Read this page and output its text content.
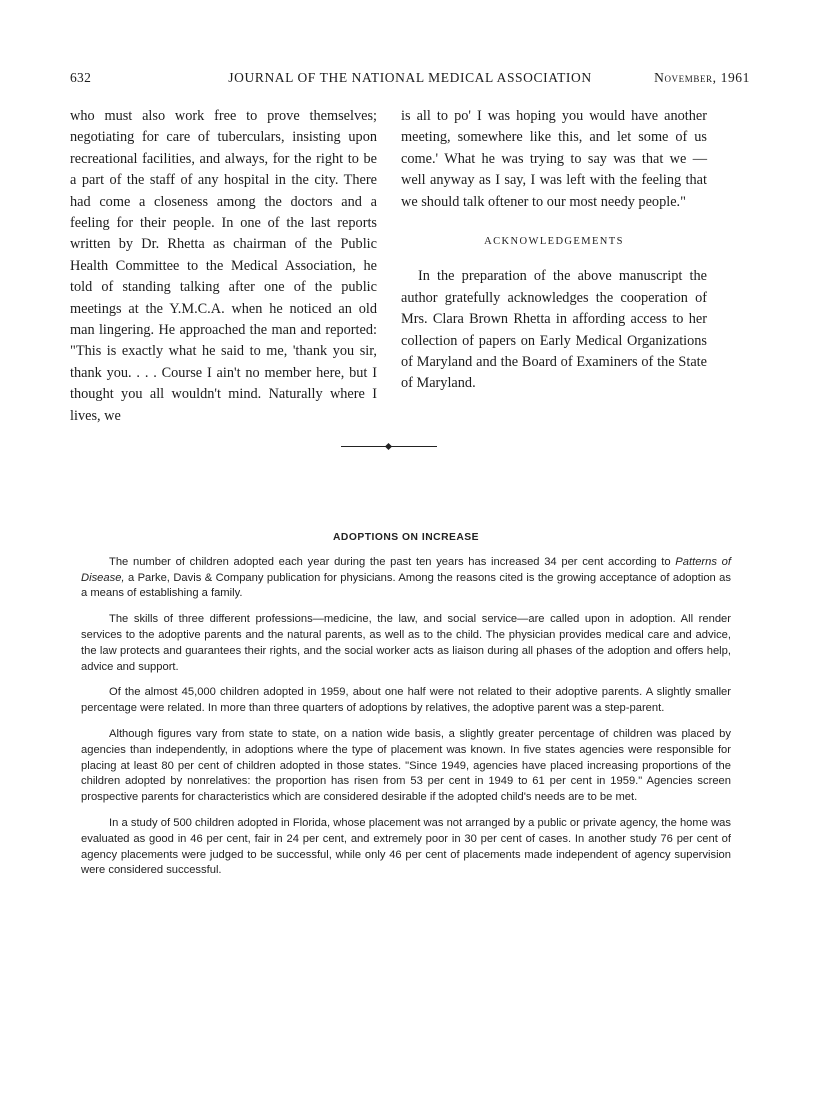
632	JOURNAL OF THE NATIONAL MEDICAL ASSOCIATION	November, 1961

who must also work free to prove themselves; negotiating for care of tuberculars, insisting upon recreational facilities, and always, for the right to be a part of the staff of any hospital in the city. There had come a closeness among the doctors and a feeling for their people. In one of the last reports written by Dr. Rhetta as chairman of the Public Health Committee to the Medical Association, he told of standing talking after one of the public meetings at the Y.M.C.A. when he noticed an old man lingering. He approached the man and reported: "This is exactly what he said to me, 'thank you sir, thank you. . . . Course I ain't no member here, but I thought you all wouldn't mind. Naturally where I lives, we

is all to po' I was hoping you would have another meeting, somewhere like this, and let some of us come.' What he was trying to say was that we — well anyway as I say, I was left with the feeling that we should talk oftener to our most needy people."

ACKNOWLEDGEMENTS

In the preparation of the above manuscript the author gratefully acknowledges the cooperation of Mrs. Clara Brown Rhetta in affording access to her collection of papers on Early Medical Organizations of Maryland and the Board of Examiners of the State of Maryland.

ADOPTIONS ON INCREASE

The number of children adopted each year during the past ten years has increased 34 per cent according to Patterns of Disease, a Parke, Davis & Company publication for physicians. Among the reasons cited is the growing acceptance of adoption as a means of establishing a family.

The skills of three different professions—medicine, the law, and social service—are called upon in adoption. All render services to the adoptive parents and the natural parents, as well as to the child. The physician provides medical care and advice, the law protects and guarantees their rights, and the social worker acts as liaison during all phases of the adoption and offers help, advice and support.

Of the almost 45,000 children adopted in 1959, about one half were not related to their adoptive parents. A slightly smaller percentage were related. In more than three quarters of adoptions by relatives, the adoptive parent was a step-parent.

Although figures vary from state to state, on a nation wide basis, a slightly greater percentage of children was placed by agencies than independently, in adoptions where the type of placement was known. In five states agencies were responsible for placing at least 80 per cent of children adopted in those states. "Since 1949, agencies have placed increasing proportions of the children adopted by nonrelatives: the proportion has risen from 53 per cent in 1949 to 61 per cent in 1959." Agencies screen prospective parents for characteristics which are considered desirable if the adopted child's needs are to be met.

In a study of 500 children adopted in Florida, whose placement was not arranged by a public or private agency, the home was evaluated as good in 46 per cent, fair in 24 per cent, and extremely poor in 30 per cent of cases. In another study 76 per cent of agency placements were judged to be successful, while only 46 per cent of placements made independent of agency supervision were considered successful.
